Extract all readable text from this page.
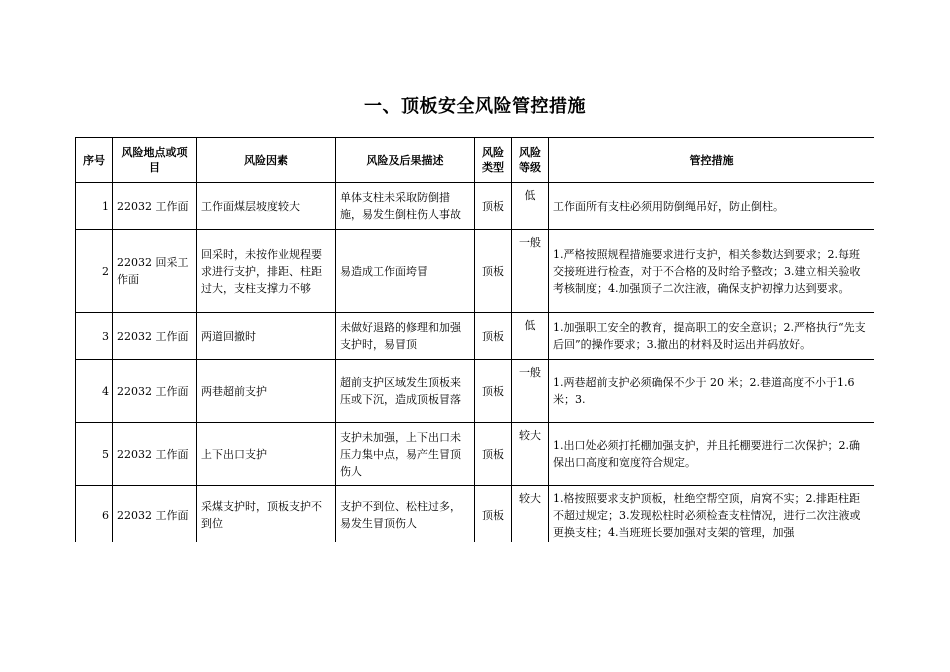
一、顶板安全风险管控措施
序号	风险地点或项目	风险因素	风险及后果描述	风险类型	风险等级	管控措施
1	22032 工作面	工作面煤层坡度较大	单体支柱未采取防倒措施，易发生倒柱伤人事故	顶板	低	工作面所有支柱必须用防倒绳吊好，防止倒柱。
2	22032 回采工作面	回采时，未按作业规程要求进行支护，排距、柱距过大，支柱支撑力不够	易造成工作面垮冒	顶板	一般	1.严格按照规程措施要求进行支护，相关参数达到要求；2.每班交接班进行检查，对于不合格的及时给予整改；3.建立相关验收考核制度；4.加强顶子二次注液，确保支护初撑力达到要求。
3	22032 工作面	两道回撤时	未做好退路的修理和加强支护时，易冒顶	顶板	低	1.加强职工安全的教育，提高职工的安全意识；2.严格执行“先支后回”的操作要求；3.撤出的材料及时运出并码放好。
4	22032 工作面	两巷超前支护	超前支护区域发生顶板来压或下沉，造成顶板冒落	顶板	一般	1.两巷超前支护必须确保不少于 20 米；2.巷道高度不小于1.6米；3.
5	22032 工作面	上下出口支护	支护未加强，上下出口未压力集中点，易产生冒顶伤人	顶板	较大	1.出口处必须打托棚加强支护，并且托棚要进行二次保护；2.确保出口高度和宽度符合规定。
6	22032 工作面	采煤支护时，顶板支护不到位	支护不到位、松柱过多，易发生冒顶伤人	顶板	较大	1.格按照要求支护顶板，杜绝空帮空顶，肩窝不实；2.排距柱距不超过规定；3.发现松柱时必须检查支柱情况，进行二次注液或更换支柱；4.当班班长要加强对支架的管理，加强
